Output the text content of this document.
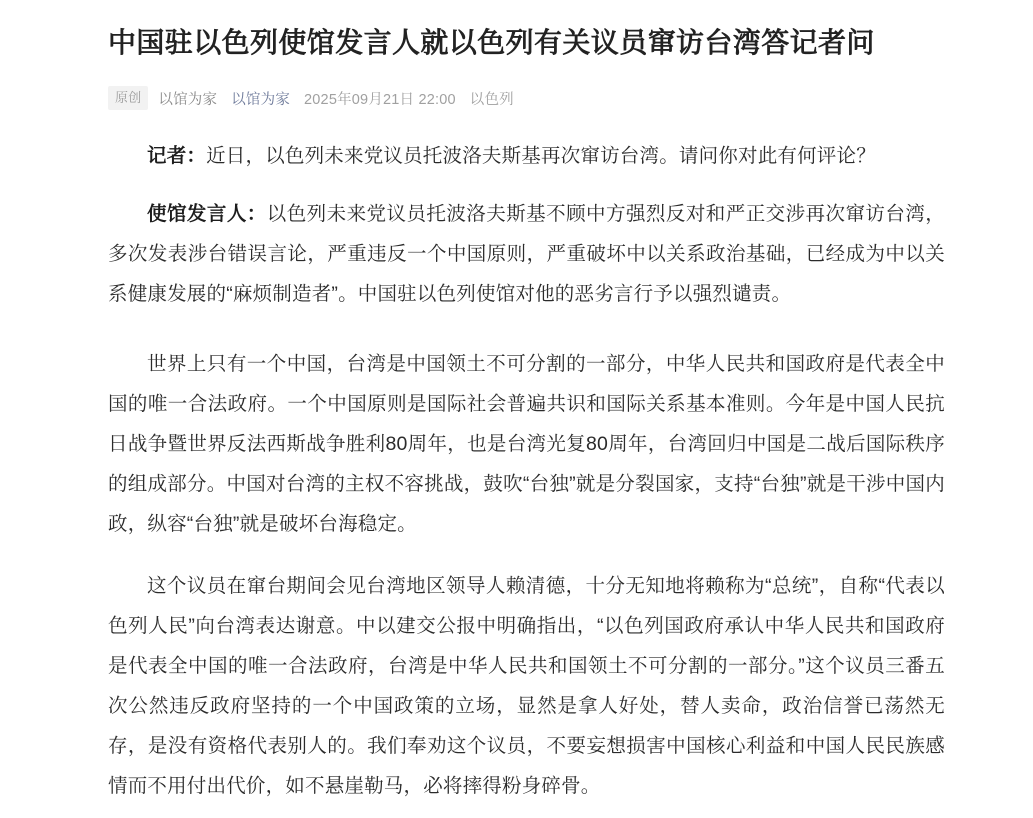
中国驻以色列使馆发言人就以色列有关议员窜访台湾答记者问
原创	以馆为家 以馆为家 2025年09月21日 22:00 以色列

记者：近日，以色列未来党议员托波洛夫斯基再次窜访台湾。请问你对此有何评论？

使馆发言人：以色列未来党议员托波洛夫斯基不顾中方强烈反对和严正交涉再次窜访台湾，多次发表涉台错误言论，严重违反一个中国原则，严重破坏中以关系政治基础，已经成为中以关系健康发展的“麻烦制造者”。中国驻以色列使馆对他的恶劣言行予以强烈谴责。

世界上只有一个中国，台湾是中国领土不可分割的一部分，中华人民共和国政府是代表全中国的唯一合法政府。一个中国原则是国际社会普遍共识和国际关系基本准则。今年是中国人民抗日战争暨世界反法西斯战争胜利80周年，也是台湾光复80周年，台湾回归中国是二战后国际秩序的组成部分。中国对台湾的主权不容挑战，鼓吹“台独”就是分裂国家，支持“台独”就是干涉中国内政，纵容“台独”就是破坏台海稳定。

这个议员在窜台期间会见台湾地区领导人赖清德，十分无知地将赖称为“总统”，自称“代表以色列人民”向台湾表达谢意。中以建交公报中明确指出，“以色列国政府承认中华人民共和国政府是代表全中国的唯一合法政府，台湾是中华人民共和国领土不可分割的一部分。”这个议员三番五次公然违反政府坚持的一个中国政策的立场，显然是拿人好处，替人卖命，政治信誉已荡然无存，是没有资格代表别人的。我们奉劝这个议员，不要妄想损害中国核心利益和中国人民民族感情而不用付出代价，如不悬崖勒马，必将摔得粉身碎骨。
